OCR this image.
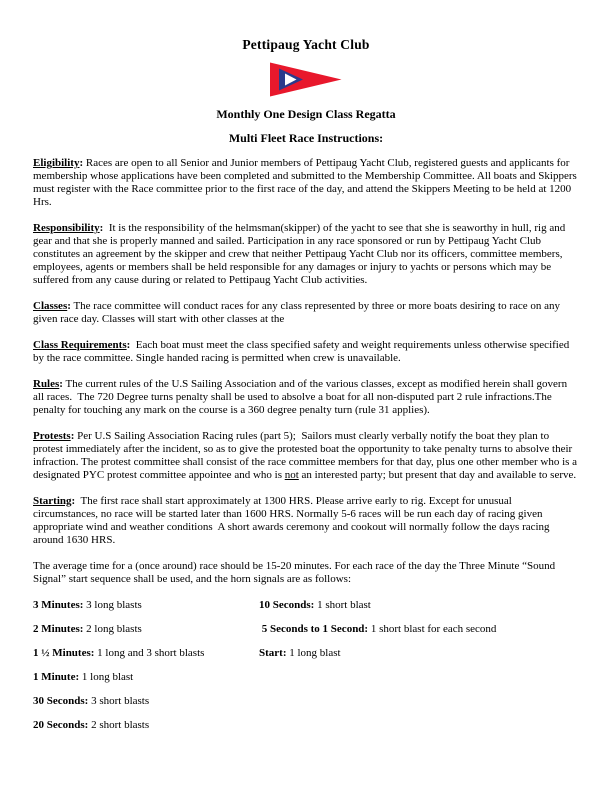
Pettipaug Yacht Club
Monthly One Design Class Regatta
Multi Fleet Race Instructions:

Eligibility: Races are open to all Senior and Junior members of Pettipaug Yacht Club, registered guests and applicants for membership whose applications have been completed and submitted to the Membership Committee. All boats and Skippers must register with the Race committee prior to the first race of the day, and attend the Skippers Meeting to be held at 1200 Hrs.

Responsibility:  It is the responsibility of the helmsman(skipper) of the yacht to see that she is seaworthy in hull, rig and gear and that she is properly manned and sailed. Participation in any race sponsored or run by Pettipaug Yacht Club constitutes an agreement by the skipper and crew that neither Pettipaug Yacht Club nor its officers, committee members, employees, agents or members shall be held responsible for any damages or injury to yachts or persons which may be suffered from any cause during or related to Pettipaug Yacht Club activities.

Classes: The race committee will conduct races for any class represented by three or more boats desiring to race on any given race day. Classes will start with other classes at the

Class Requirements:  Each boat must meet the class specified safety and weight requirements unless otherwise specified by the race committee. Single handed racing is permitted when crew is unavailable.

Rules: The current rules of the U.S Sailing Association and of the various classes, except as modified herein shall govern all races.  The 720 Degree turns penalty shall be used to absolve a boat for all non-disputed part 2 rule infractions.The penalty for touching any mark on the course is a 360 degree penalty turn (rule 31 applies).

Protests: Per U.S Sailing Association Racing rules (part 5);  Sailors must clearly verbally notify the boat they plan to protest immediately after the incident, so as to give the protested boat the opportunity to take penalty turns to absolve their infraction. The protest committee shall consist of the race committee members for that day, plus one other member who is a designated PYC protest committee appointee and who is not an interested party; but present that day and available to serve.

Starting:  The first race shall start approximately at 1300 HRS. Please arrive early to rig. Except for unusual circumstances, no race will be started later than 1600 HRS. Normally 5-6 races will be run each day of racing given appropriate wind and weather conditions  A short awards ceremony and cookout will normally follow the days racing around 1630 HRS.

The average time for a (once around) race should be 15-20 minutes. For each race of the day the Three Minute “Sound Signal” start sequence shall be used, and the horn signals are as follows:

3 Minutes: 3 long blasts	10 Seconds: 1 short blast
2 Minutes: 2 long blasts	5 Seconds to 1 Second: 1 short blast for each second
1 ½ Minutes: 1 long and 3 short blasts	Start: 1 long blast
1 Minute: 1 long blast
30 Seconds: 3 short blasts
20 Seconds: 2 short blasts
